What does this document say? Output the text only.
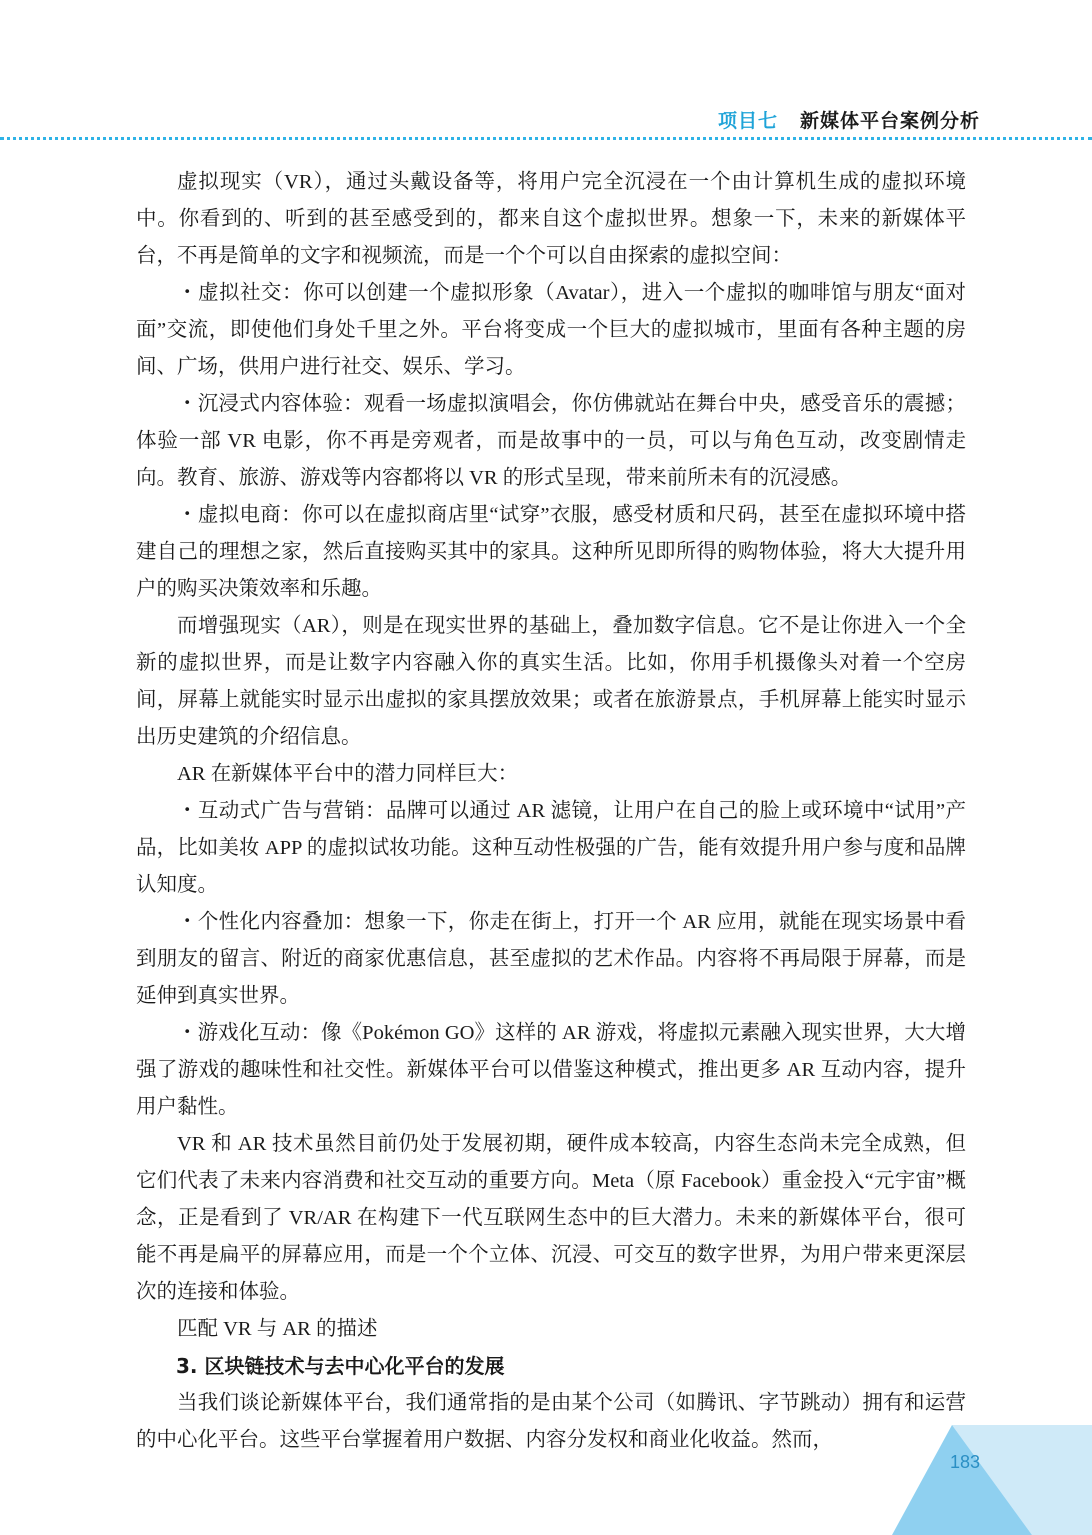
项目七 新媒体平台案例分析

虚拟现实（VR），通过头戴设备等，将用户完全沉浸在一个由计算机生成的虚拟环境中。你看到的、听到的甚至感受到的，都来自这个虚拟世界。想象一下，未来的新媒体平台，不再是简单的文字和视频流，而是一个个可以自由探索的虚拟空间：

・虚拟社交：你可以创建一个虚拟形象（Avatar），进入一个虚拟的咖啡馆与朋友“面对面”交流，即使他们身处千里之外。平台将变成一个巨大的虚拟城市，里面有各种主题的房间、广场，供用户进行社交、娱乐、学习。

・沉浸式内容体验：观看一场虚拟演唱会，你仿佛就站在舞台中央，感受音乐的震撼；体验一部 VR 电影，你不再是旁观者，而是故事中的一员，可以与角色互动，改变剧情走向。教育、旅游、游戏等内容都将以 VR 的形式呈现，带来前所未有的沉浸感。

・虚拟电商：你可以在虚拟商店里“试穿”衣服，感受材质和尺码，甚至在虚拟环境中搭建自己的理想之家，然后直接购买其中的家具。这种所见即所得的购物体验，将大大提升用户的购买决策效率和乐趣。

而增强现实（AR），则是在现实世界的基础上，叠加数字信息。它不是让你进入一个全新的虚拟世界，而是让数字内容融入你的真实生活。比如，你用手机摄像头对着一个空房间，屏幕上就能实时显示出虚拟的家具摆放效果；或者在旅游景点，手机屏幕上能实时显示出历史建筑的介绍信息。

AR 在新媒体平台中的潜力同样巨大：

・互动式广告与营销：品牌可以通过 AR 滤镜，让用户在自己的脸上或环境中“试用”产品，比如美妆 APP 的虚拟试妆功能。这种互动性极强的广告，能有效提升用户参与度和品牌认知度。

・个性化内容叠加：想象一下，你走在街上，打开一个 AR 应用，就能在现实场景中看到朋友的留言、附近的商家优惠信息，甚至虚拟的艺术作品。内容将不再局限于屏幕，而是延伸到真实世界。

・游戏化互动：像《Pokémon GO》这样的 AR 游戏，将虚拟元素融入现实世界，大大增强了游戏的趣味性和社交性。新媒体平台可以借鉴这种模式，推出更多 AR 互动内容，提升用户黏性。

VR 和 AR 技术虽然目前仍处于发展初期，硬件成本较高，内容生态尚未完全成熟，但它们代表了未来内容消费和社交互动的重要方向。Meta（原 Facebook）重金投入“元宇宙”概念，正是看到了 VR/AR 在构建下一代互联网生态中的巨大潜力。未来的新媒体平台，很可能不再是扁平的屏幕应用，而是一个个立体、沉浸、可交互的数字世界，为用户带来更深层次的连接和体验。

匹配 VR 与 AR 的描述

3. 区块链技术与去中心化平台的发展

当我们谈论新媒体平台，我们通常指的是由某个公司（如腾讯、字节跳动）拥有和运营的中心化平台。这些平台掌握着用户数据、内容分发权和商业化收益。然而，

183
